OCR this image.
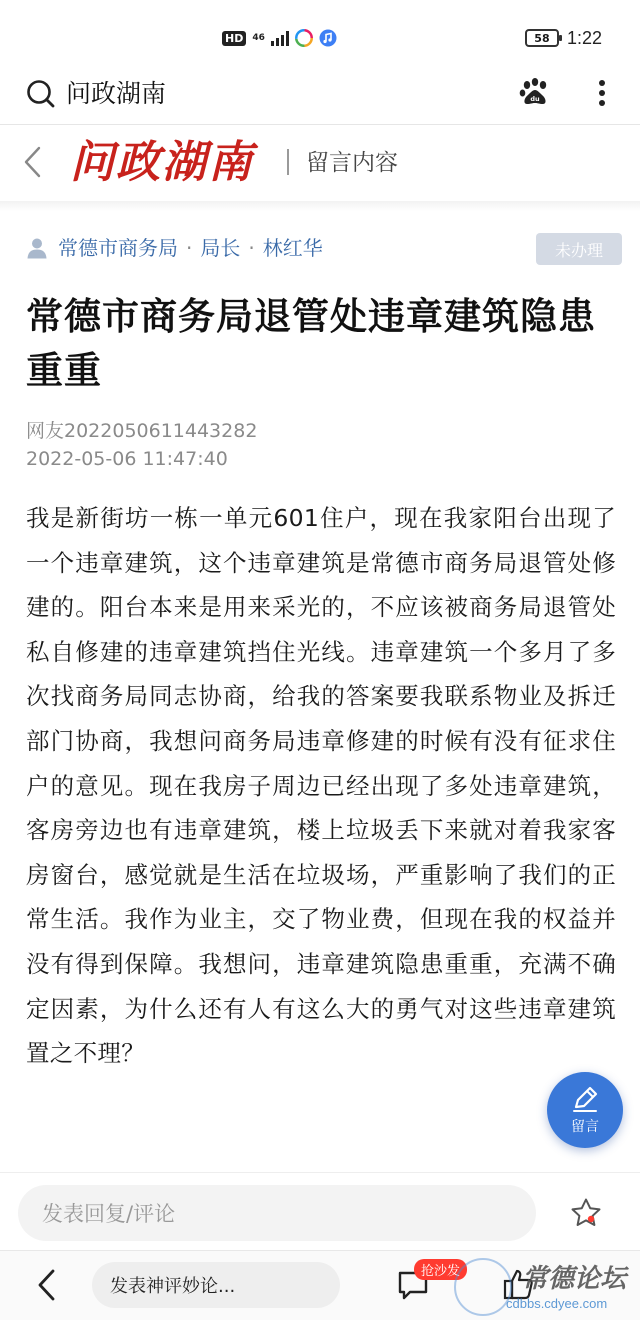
HD	46	58 1:22
问政湖南	du
问政湖南 留言内容
常德市商务局 · 局长 · 林红华	未办理
常德市商务局退管处违章建筑隐患重重
网友2022050611443282
2022-05-06 11:47:40

我是新街坊一栋一单元601住户，现在我家阳台出现了一个违章建筑，这个违章建筑是常德市商务局退管处修建的。阳台本来是用来采光的，不应该被商务局退管处私自修建的违章建筑挡住光线。违章建筑一个多月了多次找商务局同志协商，给我的答案要我联系物业及拆迁部门协商，我想问商务局违章修建的时候有没有征求住户的意见。现在我房子周边已经出现了多处违章建筑，客房旁边也有违章建筑，楼上垃圾丢下来就对着我家客房窗台，感觉就是生活在垃圾场，严重影响了我们的正常生活。我作为业主，交了物业费，但现在我的权益并没有得到保障。我想问，违章建筑隐患重重，充满不确定因素，为什么还有人有这么大的勇气对这些违章建筑置之不理？

留言
发表回复/评论
发表神评妙论...
抢沙发 常德论坛
cdbbs.cdyee.com
